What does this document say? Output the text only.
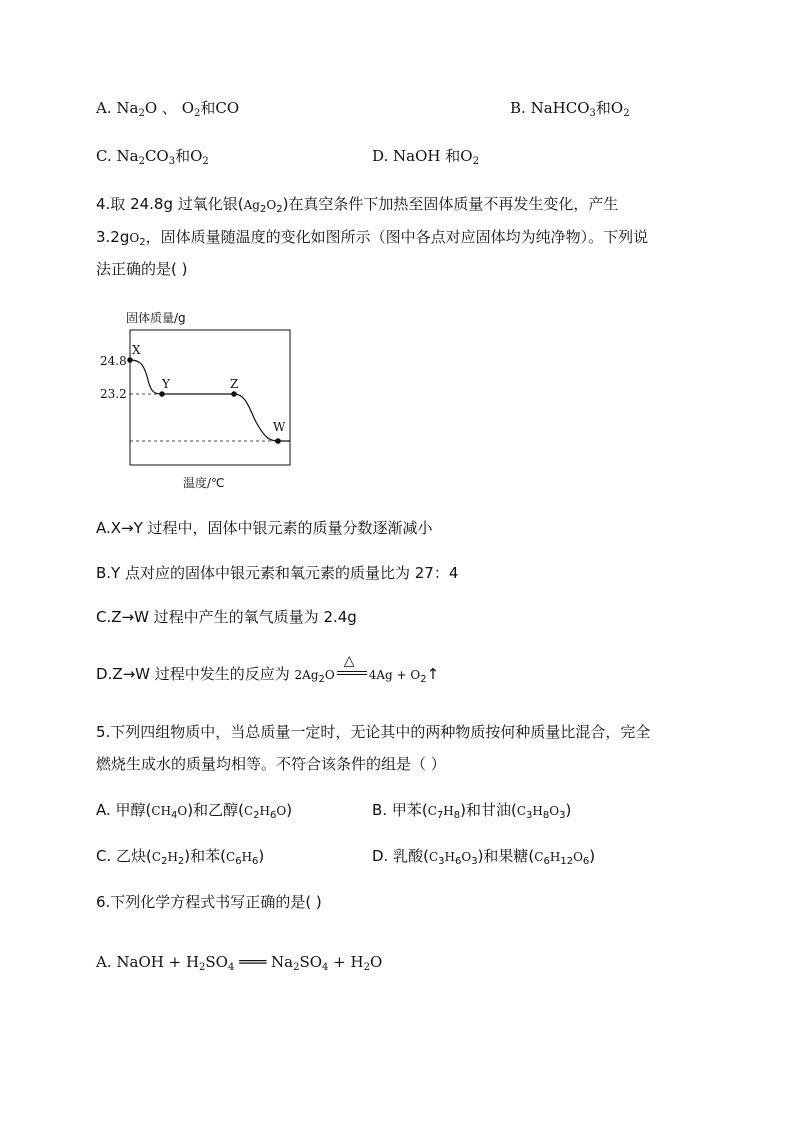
A. $Na_2O$ 、 $O_2$和CO	B. NaHCO$_3$和$O_2$
C. $Na_2CO_3$和$O_2$	D. NaOH 和$O_2$
4.取 24.8g 过氧化银$(Ag_2O_2)$在真空条件下加热至固体质量不再发生变化，产生
$3.2gO_2$，固体质量随温度的变化如图所示（图中各点对应固体均为纯净物）。下列说
法正确的是( )
固体质量/g
X
Y	Z
W
24.8
23.2
温度/℃
A.X→Y 过程中，固体中银元素的质量分数逐渐减小
B.Y 点对应的固体中银元素和氧元素的质量比为 27：4
C.Z→W 过程中产生的氧气质量为 2.4g
D.Z→W 过程中发生的反应为 $2Ag_2O$
△
$4Ag + O_2↑$
5.下列四组物质中，当总质量一定时，无论其中的两种物质按何种质量比混合，完全
燃烧生成水的质量均相等。不符合该条件的组是（ ）
A. 甲醇$(CH_4O)$和乙醇$(C_2H_6O)$	B. 甲苯$(C_7H_8)$和甘油$(C_3H_8O_3)$
C. 乙炔$(C_2H_2)$和苯$(C_6H_6)$	D. 乳酸$(C_3H_6O_3)$和果糖$(C_6H_{12}O_6)$
6.下列化学方程式书写正确的是( )
A. NaOH + $H_2SO_4$ ═══ $Na_2SO_4 + H_2O$
